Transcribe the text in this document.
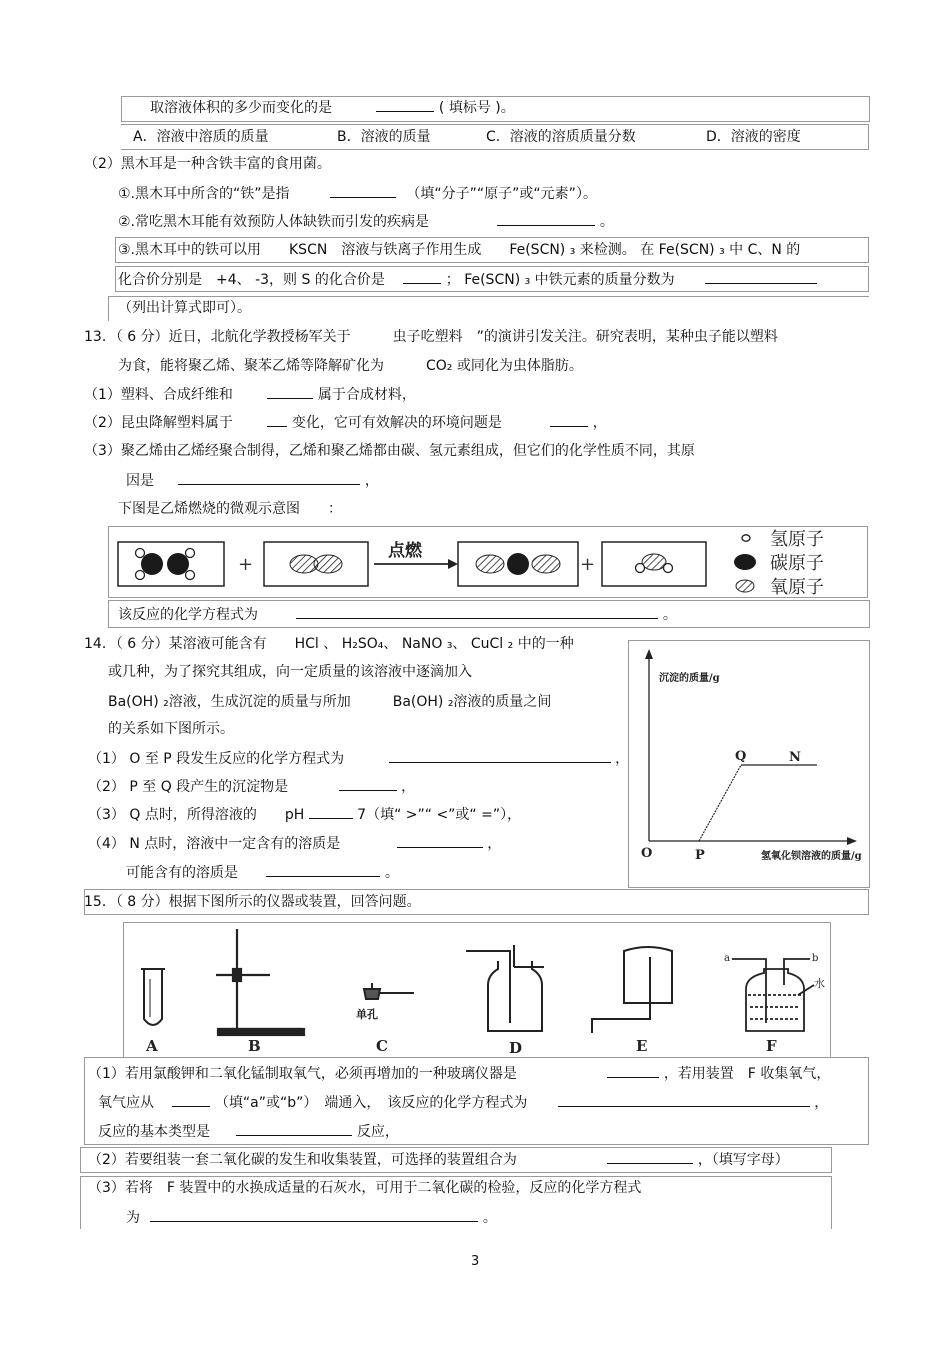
取溶液体积的多少而变化的是	( 填标号 )。
A．溶液中溶质的质量	B．溶液的质量	C．溶液的溶质质量分数	D．溶液的密度
（2）黑木耳是一种含铁丰富的食用菌。
①.黑木耳中所含的“铁”是指	（填“分子”“原子”或“元素”）。
②.常吃黑木耳能有效预防人体缺铁而引发的疾病是	。
③.黑木耳中的铁可以用　　KSCN　溶液与铁离子作用生成　　Fe(SCN) ₃ 来检测。 在 Fe(SCN) ₃ 中 C、N 的
化合价分别是　+4、 -3，则 S 的化合价是	； Fe(SCN) ₃ 中铁元素的质量分数为
（列出计算式即可）。
13．（ 6 分）近日，北航化学教授杨军关于　　　虫子吃塑料　”的演讲引发关注。研究表明，某种虫子能以塑料
为食，能将聚乙烯、聚苯乙烯等降解矿化为　　　CO₂ 或同化为虫体脂肪。
（1）塑料、合成纤维和	属于合成材料，
（2）昆虫降解塑料属于	变化，它可有效解决的环境问题是	，
（3）聚乙烯由乙烯经聚合制得，乙烯和聚乙烯都由碳、氢元素组成，但它们的化学性质不同，其原
因是	，
下图是乙烯燃烧的微观示意图　　：
+
点燃
+
氢原子
碳原子
氧原子
该反应的化学方程式为	。
14．（ 6 分）某溶液可能含有　　HCl 、 H₂SO₄、 NaNO ₃、 CuCl ₂ 中的一种
或几种，为了探究其组成，向一定质量的该溶液中逐滴加入
Ba(OH) ₂溶液，生成沉淀的质量与所加　　　Ba(OH) ₂溶液的质量之间
的关系如下图所示。
（1） O 至 P 段发生反应的化学方程式为	，
（2） P 至 Q 段产生的沉淀物是	，
（3） Q 点时，所得溶液的　　pH	7（填“ >”“ <”或“ =”），
（4） N 点时，溶液中一定含有的溶质是	，
可能含有的溶质是	。
沉淀的质量/g
氢氧化钡溶液的质量/g
O	P
Q	N
15．（ 8 分）根据下图所示的仪器或装置，回答问题。
A	B
单孔
C	D	E
a	b
水
F
（1）若用氯酸钾和二氧化锰制取氧气，必须再增加的一种玻璃仪器是	，若用装置　F 收集氧气，
氧气应从	（填“a”或“b”）　端通入，　该反应的化学方程式为	，
反应的基本类型是	反应，
（2）若要组装一套二氧化碳的发生和收集装置，可选择的装置组合为	，（填写字母）
（3）若将　F 装置中的水换成适量的石灰水，可用于二氧化碳的检验，反应的化学方程式
为	。
3
